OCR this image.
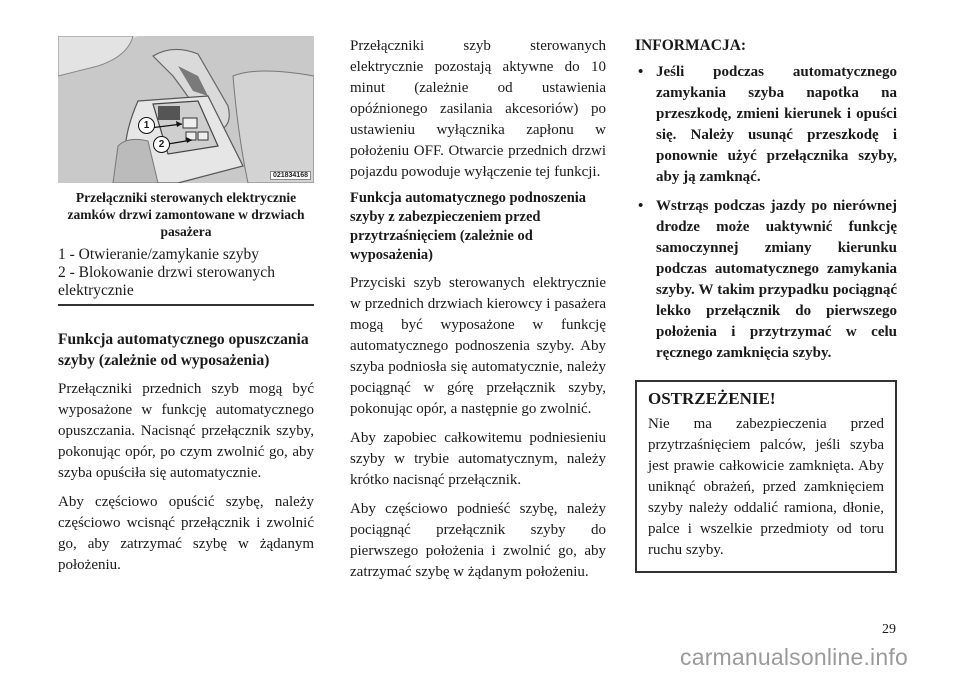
1
2
021834168
Przełączniki sterowanych elektrycznie zamków drzwi zamontowane w drzwiach pasażera
1 - Otwieranie/zamykanie szyby
2 - Blokowanie drzwi sterowanych elektrycznie
Funkcja automatycznego opuszczania szyby (zależnie od wyposażenia)

Przełączniki przednich szyb mogą być wyposażone w funkcję automatycznego opuszczania. Nacisnąć przełącznik szyby, pokonując opór, po czym zwolnić go, aby szyba opuściła się automatycznie.

Aby częściowo opuścić szybę, należy częściowo wcisnąć przełącznik i zwolnić go, aby zatrzymać szybę w żądanym położeniu.

Przełączniki szyb sterowanych elektrycznie pozostają aktywne do 10 minut (zależnie od ustawienia opóźnionego zasilania akcesoriów) po ustawieniu wyłącznika zapłonu w położeniu OFF. Otwarcie przednich drzwi pojazdu powoduje wyłączenie tej funkcji.

Funkcja automatycznego podnoszenia szyby z zabezpieczeniem przed przytrzaśnięciem (zależnie od wyposażenia)

Przyciski szyb sterowanych elektrycznie w przednich drzwiach kierowcy i pasażera mogą być wyposażone w funkcję automatycznego podnoszenia szyby. Aby szyba podniosła się automatycznie, należy pociągnąć w górę przełącznik szyby, pokonując opór, a następnie go zwolnić.

Aby zapobiec całkowitemu podniesieniu szyby w trybie automatycznym, należy krótko nacisnąć przełącznik.

Aby częściowo podnieść szybę, należy pociągnąć przełącznik szyby do pierwszego położenia i zwolnić go, aby zatrzymać szybę w żądanym położeniu.

INFORMACJA:
• Jeśli podczas automatycznego zamykania szyba napotka na przeszkodę, zmieni kierunek i opuści się. Należy usunąć przeszkodę i ponownie użyć przełącznika szyby, aby ją zamknąć.
• Wstrząs podczas jazdy po nierównej drodze może uaktywnić funkcję samoczynnej zmiany kierunku podczas automatycznego zamykania szyby. W takim przypadku pociągnąć lekko przełącznik do pierwszego położenia i przytrzymać w celu ręcznego zamknięcia szyby.
OSTRZEŻENIE!

Nie ma zabezpieczenia przed przytrzaśnięciem palców, jeśli szyba jest prawie całkowicie zamknięta. Aby uniknąć obrażeń, przed zamknięciem szyby należy oddalić ramiona, dłonie, palce i wszelkie przedmioty od toru ruchu szyby.

29
carmanualsonline.info
